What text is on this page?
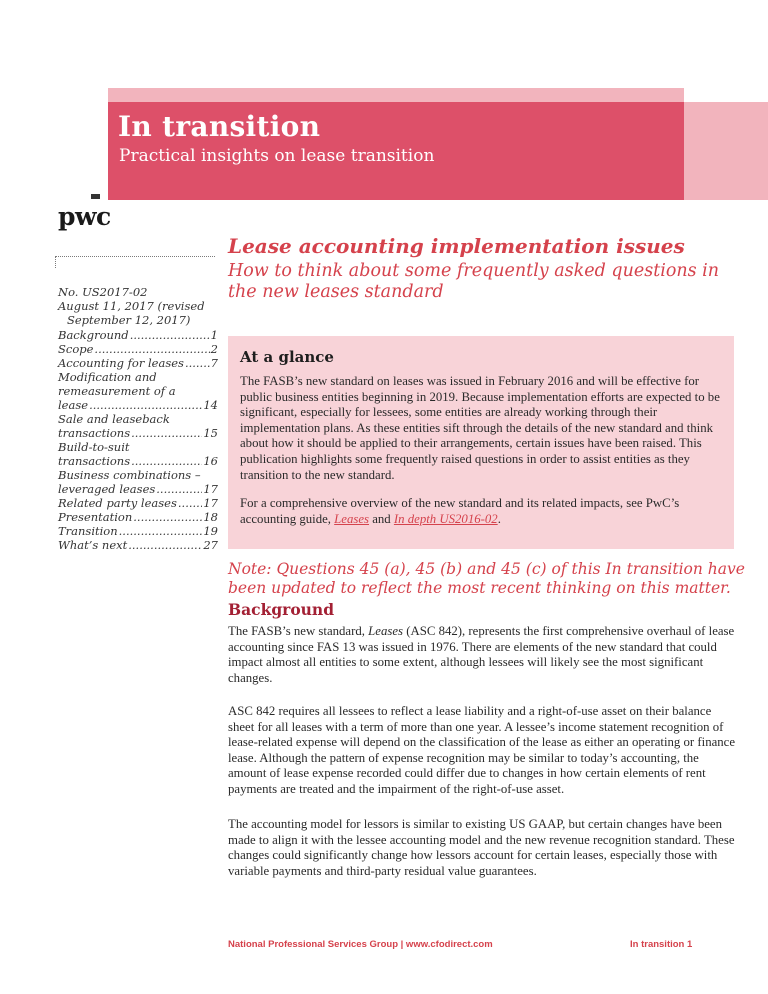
In transition
Practical insights on lease transition
pwc
No. US2017-02
August 11, 2017 (revised
September 12, 2017)
Background .....	1
Scope .....	2
Accounting for leases ..... 7
Modification and
remeasurement of a
lease .....	14
Sale and leaseback
transactions .....	15
Build-to-suit
transactions .....	16
Business combinations –
leveraged leases .....	17
Related party leases ..... 17
Presentation .....	18
Transition .....	19
What’s next .....	27
Lease accounting implementation issues
How to think about some frequently asked questions in the new leases standard
At a glance

The FASB’s new standard on leases was issued in February 2016 and will be effective for public business entities beginning in 2019. Because implementation efforts are expected to be significant, especially for lessees, some entities are already working through their implementation plans. As these entities sift through the details of the new standard and think about how it should be applied to their arrangements, certain issues have been raised. This publication highlights some frequently raised questions in order to assist entities as they transition to the new standard.

For a comprehensive overview of the new standard and its related impacts, see PwC’s accounting guide, Leases and In depth US2016-02.

Note: Questions 45 (a), 45 (b) and 45 (c) of this In transition have been updated to reflect the most recent thinking on this matter.
Background
The FASB’s new standard, Leases (ASC 842), represents the first comprehensive overhaul of lease accounting since FAS 13 was issued in 1976. There are elements of the new standard that could impact almost all entities to some extent, although lessees will likely see the most significant changes.
ASC 842 requires all lessees to reflect a lease liability and a right-of-use asset on their balance sheet for all leases with a term of more than one year. A lessee’s income statement recognition of lease-related expense will depend on the classification of the lease as either an operating or finance lease. Although the pattern of expense recognition may be similar to today’s accounting, the amount of lease expense recorded could differ due to changes in how certain elements of rent payments are treated and the impairment of the right-of-use asset.
The accounting model for lessors is similar to existing US GAAP, but certain changes have been made to align it with the lessee accounting model and the new revenue recognition standard. These changes could significantly change how lessors account for certain leases, especially those with variable payments and third-party residual value guarantees.
National Professional Services Group | www.cfodirect.com	In transition 1
